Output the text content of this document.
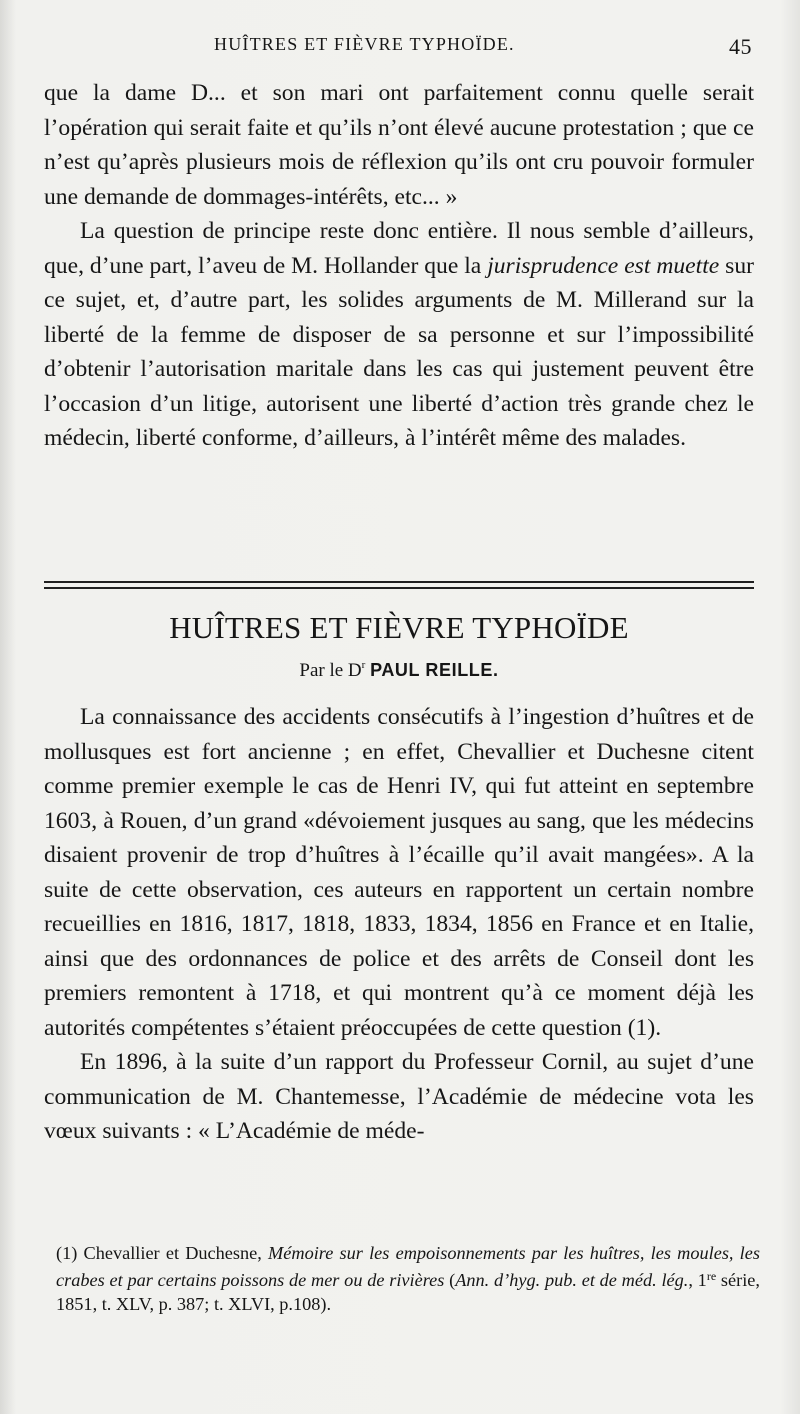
HUÎTRES ET FIÈVRE TYPHOÏDE.	45

que la dame D... et son mari ont parfaitement connu quelle serait l’opération qui serait faite et qu’ils n’ont élevé aucune protestation ; que ce n’est qu’après plusieurs mois de réflexion qu’ils ont cru pouvoir formuler une demande de dommages-intérêts, etc... »

La question de principe reste donc entière. Il nous semble d’ailleurs, que, d’une part, l’aveu de M. Hollander que la jurisprudence est muette sur ce sujet, et, d’autre part, les solides arguments de M. Millerand sur la liberté de la femme de disposer de sa personne et sur l’impossibilité d’obtenir l’autorisation maritale dans les cas qui justement peuvent être l’occasion d’un litige, autorisent une liberté d’action très grande chez le médecin, liberté conforme, d’ailleurs, à l’intérêt même des malades.

HUÎTRES ET FIÈVRE TYPHOÏDE
Par le $D^r$ PAUL REILLE.

La connaissance des accidents consécutifs à l’ingestion d’huîtres et de mollusques est fort ancienne ; en effet, Chevallier et Duchesne citent comme premier exemple le cas de Henri IV, qui fut atteint en septembre 1603, à Rouen, d’un grand «dévoiement jusques au sang, que les médecins disaient provenir de trop d’huîtres à l’écaille qu’il avait mangées». A la suite de cette observation, ces auteurs en rapportent un certain nombre recueillies en 1816, 1817, 1818, 1833, 1834, 1856 en France et en Italie, ainsi que des ordonnances de police et des arrêts de Conseil dont les premiers remontent à 1718, et qui montrent qu’à ce moment déjà les autorités compétentes s’étaient préoccupées de cette question (1).

En 1896, à la suite d’un rapport du Professeur Cornil, au sujet d’une communication de M. Chantemesse, l’Académie de médecine vota les vœux suivants : « L’Académie de méde-

(1) Chevallier et Duchesne, Mémoire sur les empoisonnements par les huîtres, les moules, les crabes et par certains poissons de mer ou de rivières (Ann. d’hyg. pub. et de méd. lég., 1re série, 1851, t. XLV, p. 387; t. XLVI, p.108).
